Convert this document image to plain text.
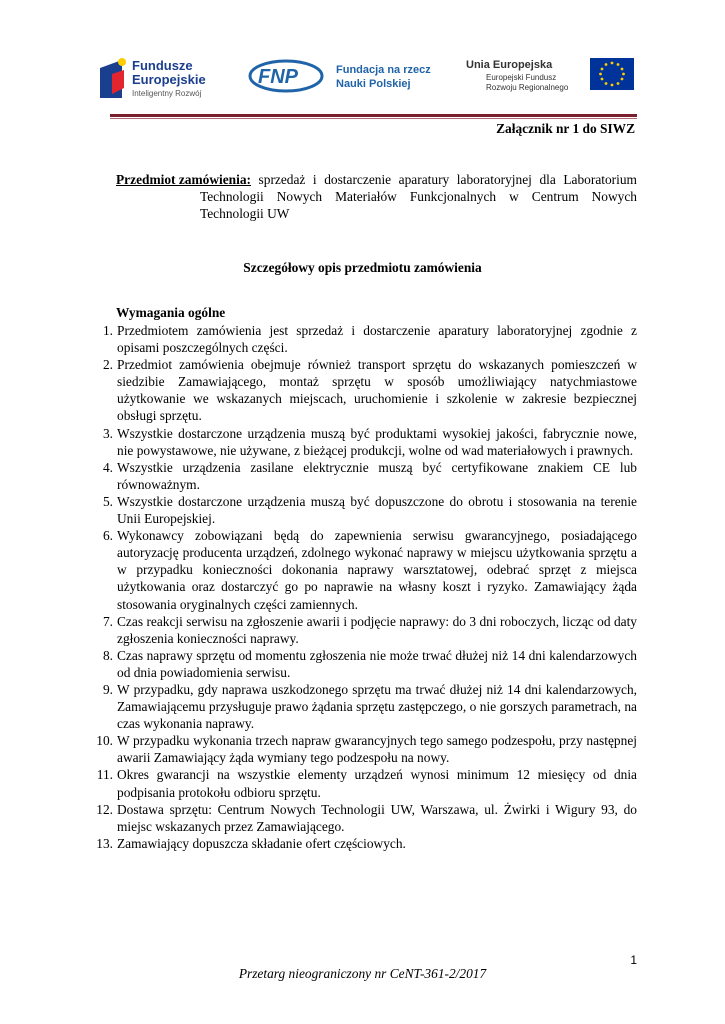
Fundusze
Europejskie
Inteligentny Rozwój
FNP	Fundacja na rzecz
Nauki Polskiej
Unia Europejska
Europejski Fundusz
Rozwoju Regionalnego
Załącznik nr 1 do SIWZ
Przedmiot zamówienia: sprzedaż i dostarczenie aparatury laboratoryjnej dla Laboratorium
Technologii Nowych Materiałów Funkcjonalnych w Centrum Nowych Technologii UW
Szczegółowy opis przedmiotu zamówienia
Wymagania ogólne
1. Przedmiotem zamówienia jest sprzedaż i dostarczenie aparatury laboratoryjnej zgodnie z opisami poszczególnych części.
2. Przedmiot zamówienia obejmuje również transport sprzętu do wskazanych pomieszczeń w siedzibie Zamawiającego, montaż sprzętu w sposób umożliwiający natychmiastowe użytkowanie we wskazanych miejscach, uruchomienie i szkolenie w zakresie bezpiecznej obsługi sprzętu.
3. Wszystkie dostarczone urządzenia muszą być produktami wysokiej jakości, fabrycznie nowe, nie powystawowe, nie używane, z bieżącej produkcji, wolne od wad materiałowych i prawnych.
4. Wszystkie urządzenia zasilane elektrycznie muszą być certyfikowane znakiem CE lub równoważnym.
5. Wszystkie dostarczone urządzenia muszą być dopuszczone do obrotu i stosowania na terenie Unii Europejskiej.
6. Wykonawcy zobowiązani będą do zapewnienia serwisu gwarancyjnego, posiadającego autoryzację producenta urządzeń, zdolnego wykonać naprawy w miejscu użytkowania sprzętu a w przypadku konieczności dokonania naprawy warsztatowej, odebrać sprzęt z miejsca użytkowania oraz dostarczyć go po naprawie na własny koszt i ryzyko. Zamawiający żąda stosowania oryginalnych części zamiennych.
7. Czas reakcji serwisu na zgłoszenie awarii i podjęcie naprawy: do 3 dni roboczych, licząc od daty zgłoszenia konieczności naprawy.
8. Czas naprawy sprzętu od momentu zgłoszenia nie może trwać dłużej niż 14 dni kalendarzowych od dnia powiadomienia serwisu.
9. W przypadku, gdy naprawa uszkodzonego sprzętu ma trwać dłużej niż 14 dni kalendarzowych, Zamawiającemu przysługuje prawo żądania sprzętu zastępczego, o nie gorszych parametrach, na czas wykonania naprawy.
10. W przypadku wykonania trzech napraw gwarancyjnych tego samego podzespołu, przy następnej awarii Zamawiający żąda wymiany tego podzespołu na nowy.
11. Okres gwarancji na wszystkie elementy urządzeń wynosi minimum 12 miesięcy od dnia podpisania protokołu odbioru sprzętu.
12. Dostawa sprzętu: Centrum Nowych Technologii UW, Warszawa, ul. Żwirki i Wigury 93, do miejsc wskazanych przez Zamawiającego.
13. Zamawiający dopuszcza składanie ofert częściowych.
1
Przetarg nieograniczony nr CeNT-361-2/2017
